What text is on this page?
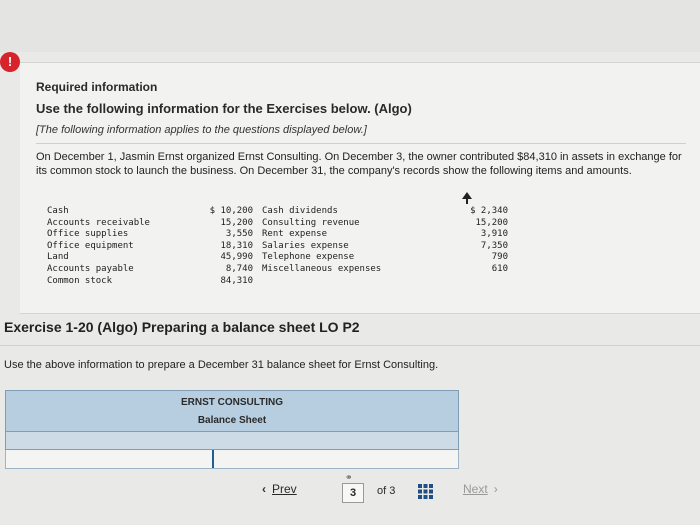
!
Required information
Use the following information for the Exercises below. (Algo)
[The following information applies to the questions displayed below.]
On December 1, Jasmin Ernst organized Ernst Consulting. On December 3, the owner contributed $84,310 in assets in exchange for its common stock to launch the business. On December 31, the company's records show the following items and amounts.
Cash
Accounts receivable
Office supplies
Office equipment
Land
Accounts payable
Common stock
$ 10,200
15,200
3,550
18,310
45,990
8,740
84,310
Cash dividends
Consulting revenue
Rent expense
Salaries expense
Telephone expense
Miscellaneous expenses
$ 2,340
15,200
3,910
7,350
790
610
Exercise 1-20 (Algo) Preparing a balance sheet LO P2
Use the above information to prepare a December 31 balance sheet for Ernst Consulting.
ERNST CONSULTING
Balance Sheet
‹ Prev
⚭
3	of 3	Next ›
